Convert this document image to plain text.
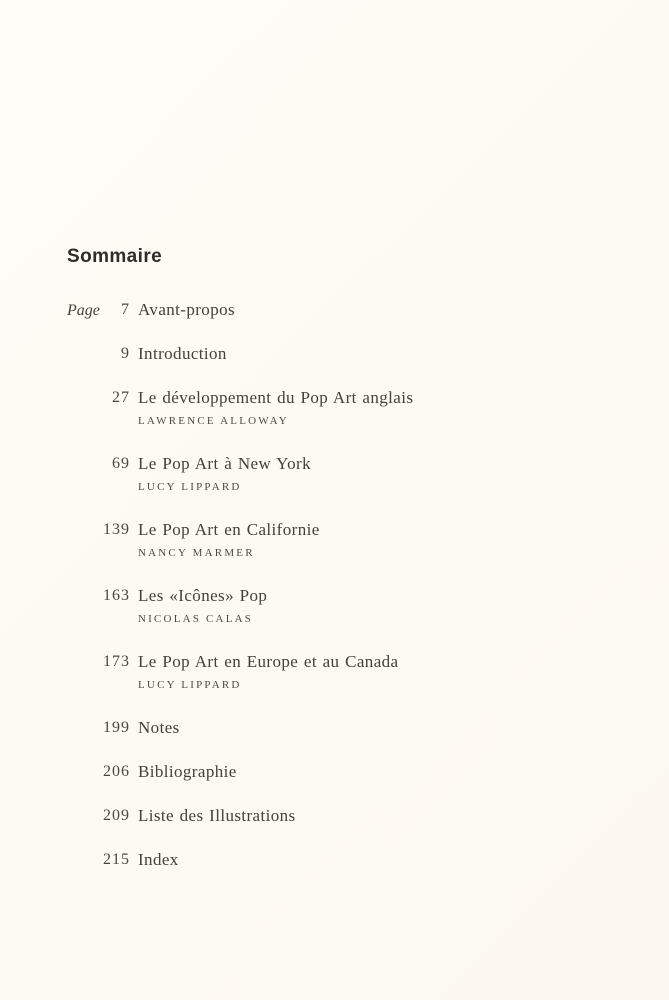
Sommaire
Page	7 Avant-propos
9 Introduction
27 Le développement du Pop Art anglais
LAWRENCE ALLOWAY
69 Le Pop Art à New York
LUCY LIPPARD
139 Le Pop Art en Californie
NANCY MARMER
163 Les «Icônes» Pop
NICOLAS CALAS
173 Le Pop Art en Europe et au Canada
LUCY LIPPARD
199 Notes
206 Bibliographie
209 Liste des Illustrations
215 Index
